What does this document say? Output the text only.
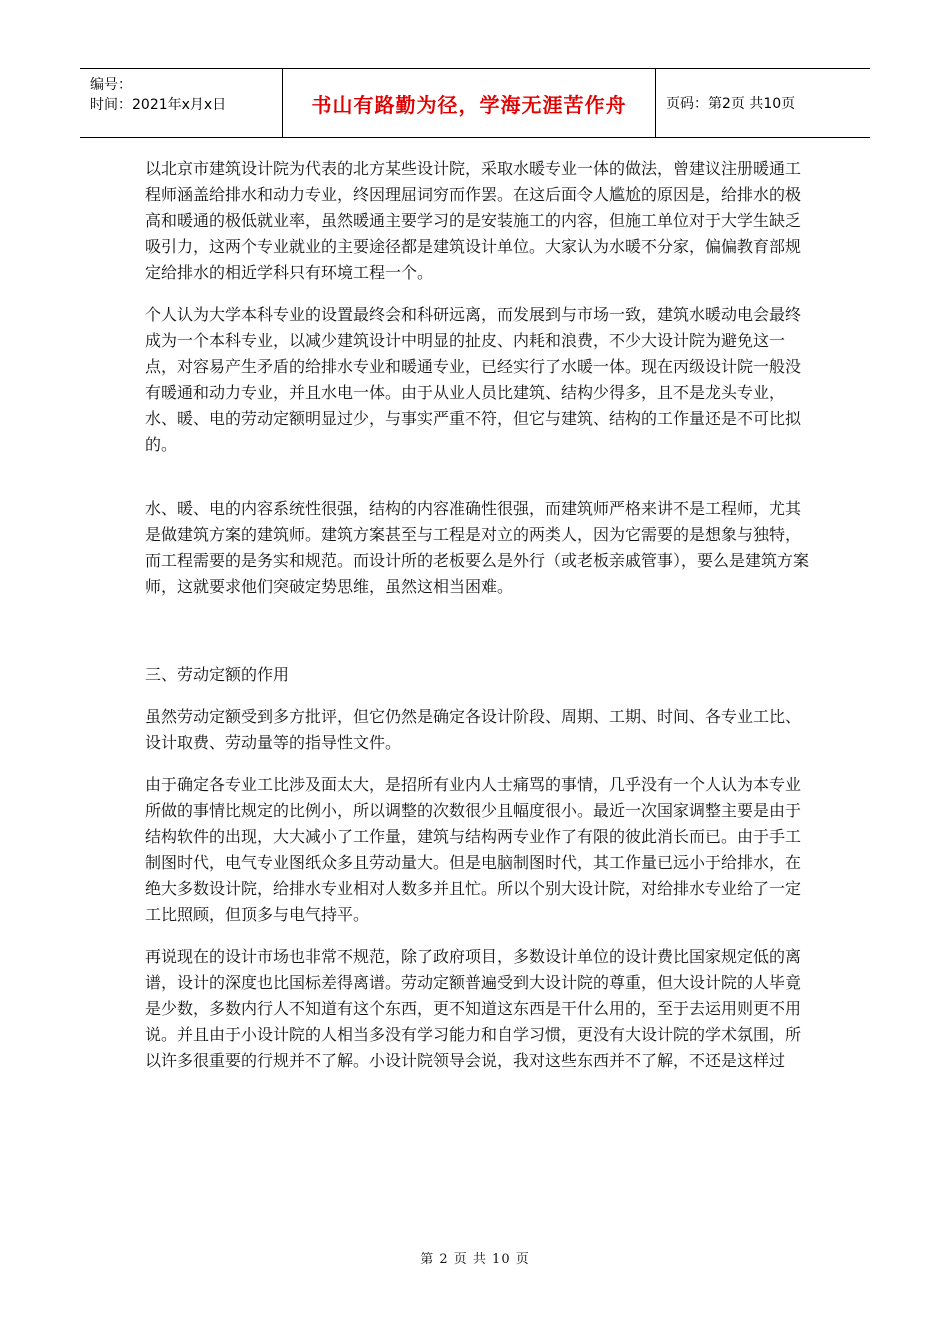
编号：
时间：2021年x月x日	书山有路勤为径，学海无涯苦作舟	页码：第2页 共10页

以北京市建筑设计院为代表的北方某些设计院，采取水暖专业一体的做法，曾建议注册暖通工程师涵盖给排水和动力专业，终因理屈词穷而作罢。在这后面令人尴尬的原因是，给排水的极高和暖通的极低就业率，虽然暖通主要学习的是安装施工的内容，但施工单位对于大学生缺乏吸引力，这两个专业就业的主要途径都是建筑设计单位。大家认为水暖不分家，偏偏教育部规定给排水的相近学科只有环境工程一个。

个人认为大学本科专业的设置最终会和科研远离，而发展到与市场一致，建筑水暖动电会最终成为一个本科专业，以减少建筑设计中明显的扯皮、内耗和浪费，不少大设计院为避免这一点，对容易产生矛盾的给排水专业和暖通专业，已经实行了水暖一体。现在丙级设计院一般没有暖通和动力专业，并且水电一体。由于从业人员比建筑、结构少得多，且不是龙头专业，水、暖、电的劳动定额明显过少，与事实严重不符，但它与建筑、结构的工作量还是不可比拟的。

水、暖、电的内容系统性很强，结构的内容准确性很强，而建筑师严格来讲不是工程师，尤其是做建筑方案的建筑师。建筑方案甚至与工程是对立的两类人，因为它需要的是想象与独特，而工程需要的是务实和规范。而设计所的老板要么是外行（或老板亲戚管事），要么是建筑方案师，这就要求他们突破定势思维，虽然这相当困难。

三、劳动定额的作用

虽然劳动定额受到多方批评，但它仍然是确定各设计阶段、周期、工期、时间、各专业工比、设计取费、劳动量等的指导性文件。

由于确定各专业工比涉及面太大，是招所有业内人士痛骂的事情，几乎没有一个人认为本专业所做的事情比规定的比例小，所以调整的次数很少且幅度很小。最近一次国家调整主要是由于结构软件的出现，大大减小了工作量，建筑与结构两专业作了有限的彼此消长而已。由于手工制图时代，电气专业图纸众多且劳动量大。但是电脑制图时代，其工作量已远小于给排水，在绝大多数设计院，给排水专业相对人数多并且忙。所以个别大设计院，对给排水专业给了一定工比照顾，但顶多与电气持平。

再说现在的设计市场也非常不规范，除了政府项目，多数设计单位的设计费比国家规定低的离谱，设计的深度也比国标差得离谱。劳动定额普遍受到大设计院的尊重，但大设计院的人毕竟是少数，多数内行人不知道有这个东西，更不知道这东西是干什么用的，至于去运用则更不用说。并且由于小设计院的人相当多没有学习能力和自学习惯，更没有大设计院的学术氛围，所以许多很重要的行规并不了解。小设计院领导会说，我对这些东西并不了解，不还是这样过

第 2 页 共 10 页
